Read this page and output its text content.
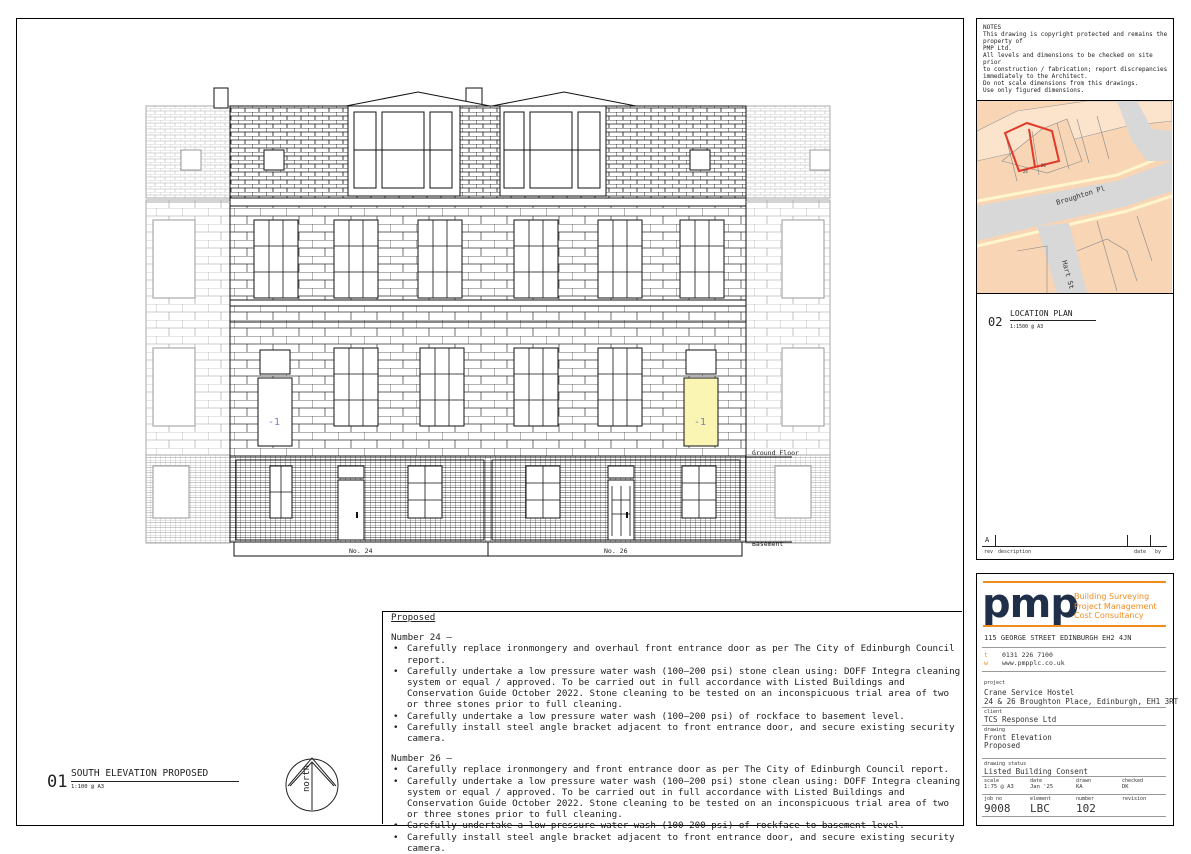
-1	-1
No. 24	No. 26
Ground Floor
Basement
01 SOUTH ELEVATION PROPOSED
1:100 @ A3	north
Proposed
Number 24 –
• Carefully replace ironmongery and overhaul front entrance door as per The City of Edinburgh Council report.
• Carefully undertake a low pressure water wash (100–200 psi) stone clean using: DOFF Integra cleaning system or equal / approved. To be carried out in full accordance with Listed Buildings and Conservation Guide October 2022. Stone cleaning to be tested on an inconspicuous trial area of two or three stones prior to full cleaning.
• Carefully undertake a low pressure water wash (100–200 psi) of rockface to basement level.
• Carefully install steel angle bracket adjacent to front entrance door, and secure existing security camera.
Number 26 –
• Carefully replace ironmongery and front entrance door as per The City of Edinburgh Council report.
• Carefully undertake a low pressure water wash (100–200 psi) stone clean using: DOFF Integra cleaning system or equal / approved. To be carried out in full accordance with Listed Buildings and Conservation Guide October 2022. Stone cleaning to be tested on an inconspicuous trial area of two or three stones prior to full cleaning.
• Carefully undertake a low pressure water wash (100–200 psi) of rockface to basement level.
• Carefully install steel angle bracket adjacent to front entrance door, and secure existing security camera.
NOTES
This drawing is copyright protected and remains the
property of
PMP Ltd.
All levels and dimensions to be checked on site prior
to construction / fabrication; report discrepancies
immediately to the Architect.
Do not scale dimensions from this drawings.
Use only figured dimensions.
24
26
Broughton Pl
Hart St
02
LOCATION PLAN
1:1500 @ A3
A
rev description	date by
pmp
Building Surveying
Project Management
Cost Consultancy
115 GEORGE STREET EDINBURGH EH2 4JN
t 0131 226 7100
w www.pmpplc.co.uk
project
Crane Service Hostel
24 & 26 Broughton Place, Edinburgh, EH1 3RT
client
TCS Response Ltd
drawing
Front Elevation
Proposed
drawing status
Listed Building Consent
scale
1:75 @ A3
date
Jan '25
drawn
KA
checked
DK
job no
9008
element
LBC
number
102
revision
